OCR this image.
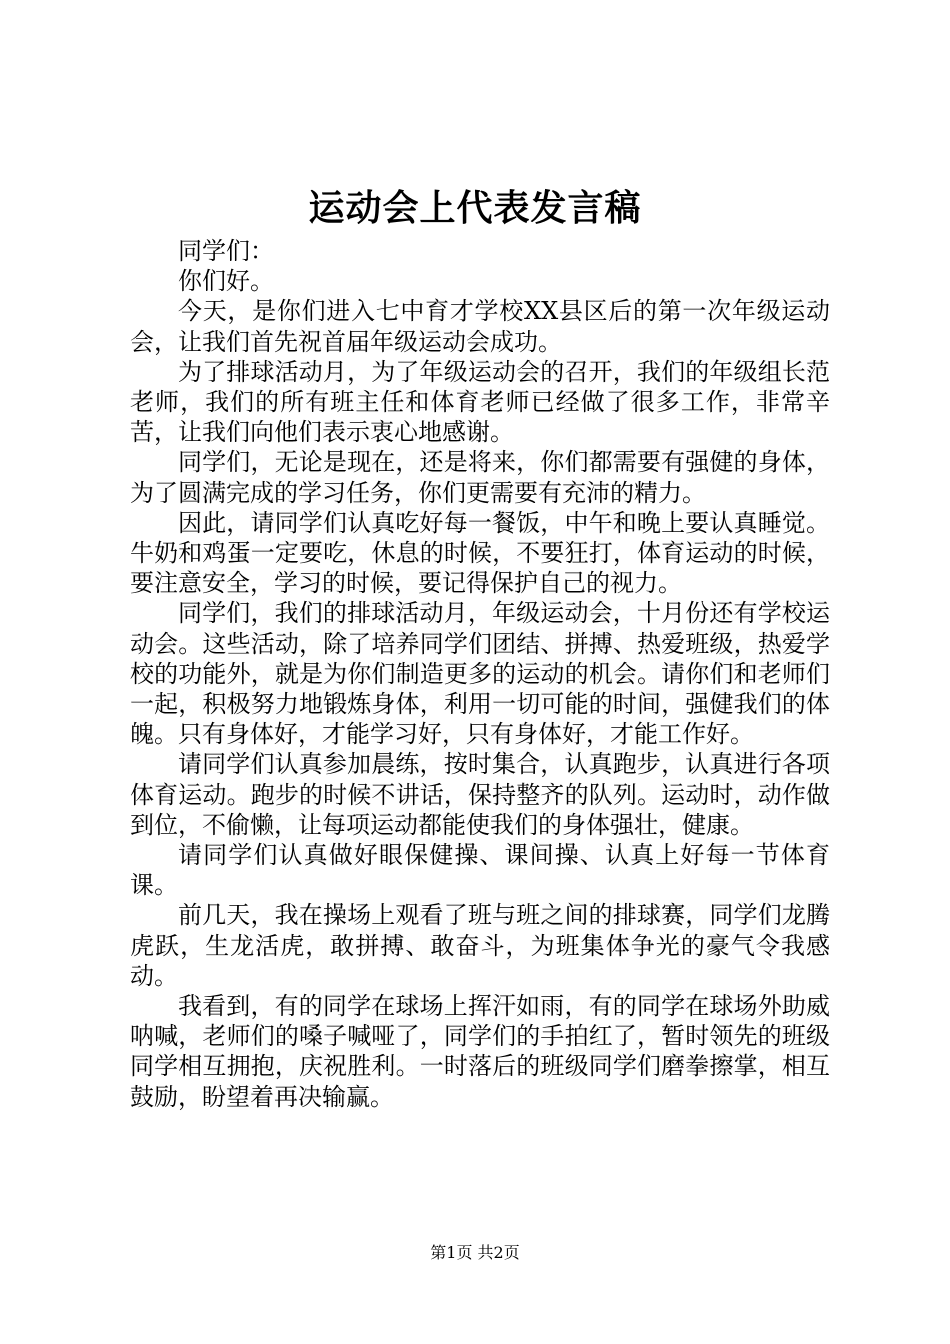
运动会上代表发言稿

同学们：

你们好。

今天，是你们进入七中育才学校XX县区后的第一次年级运动会，让我们首先祝首届年级运动会成功。

为了排球活动月，为了年级运动会的召开，我们的年级组长范老师，我们的所有班主任和体育老师已经做了很多工作，非常辛苦，让我们向他们表示衷心地感谢。

同学们，无论是现在，还是将来，你们都需要有强健的身体，为了圆满完成的学习任务，你们更需要有充沛的精力。

因此，请同学们认真吃好每一餐饭，中午和晚上要认真睡觉。牛奶和鸡蛋一定要吃，休息的时候，不要狂打，体育运动的时候，要注意安全，学习的时候，要记得保护自己的视力。

同学们，我们的排球活动月，年级运动会，十月份还有学校运动会。这些活动，除了培养同学们团结、拼搏、热爱班级，热爱学校的功能外，就是为你们制造更多的运动的机会。请你们和老师们一起，积极努力地锻炼身体，利用一切可能的时间，强健我们的体魄。只有身体好，才能学习好，只有身体好，才能工作好。

请同学们认真参加晨练，按时集合，认真跑步，认真进行各项体育运动。跑步的时候不讲话，保持整齐的队列。运动时，动作做到位，不偷懒，让每项运动都能使我们的身体强壮，健康。

请同学们认真做好眼保健操、课间操、认真上好每一节体育课。

前几天，我在操场上观看了班与班之间的排球赛，同学们龙腾虎跃，生龙活虎，敢拼搏、敢奋斗，为班集体争光的豪气令我感动。

我看到，有的同学在球场上挥汗如雨，有的同学在球场外助威呐喊，老师们的嗓子喊哑了，同学们的手拍红了，暂时领先的班级同学相互拥抱，庆祝胜利。一时落后的班级同学们磨拳擦掌，相互鼓励，盼望着再决输赢。

第1页 共2页
